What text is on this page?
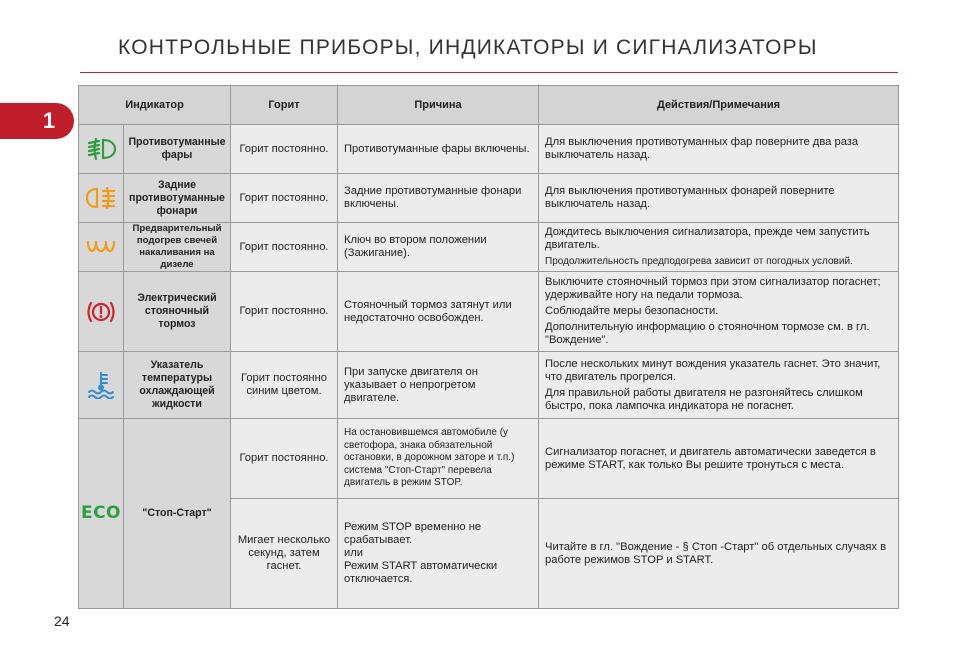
КОНТРОЛЬНЫЕ ПРИБОРЫ, ИНДИКАТОРЫ И СИГНАЛИЗАТОРЫ
1
Индикатор		Горит	Причина	Действия/Примечания

	Противотуманные фары	Горит постоянно.	Противотуманные фары включены.	Для выключения противотуманных фар поверните два раза выключатель назад.

	Задние противотуманные фонари	Горит постоянно.	Задние противотуманные фонари включены.	Для выключения противотуманных фонарей поверните выключатель назад.

	Предварительный подогрев свечей накаливания на дизеле	Горит постоянно.	Ключ во втором положении (Зажигание).	Дождитесь выключения сигнализатора, прежде чем запустить двигатель.

Продолжительность предподогрева зависит от погодных условий.

	Электрический стояночный тормоз	Горит постоянно.	Стояночный тормоз затянут или недостаточно освобожден.	Выключите стояночный тормоз при этом сигнализатор погаснет; удерживайте ногу на педали тормоза.

Соблюдайте меры безопасности.

Дополнительную информацию о стояночном тормозе см. в гл. "Вождение".

	Указатель температуры охлаждающей жидкости	Горит постоянно синим цветом.	При запуске двигателя он указывает о непрогретом двигателе.	После нескольких минут вождения указатель гаснет. Это значит, что двигатель прогрелся.

Для правильной работы двигателя не разгоняйтесь слишком быстро, пока лампочка индикатора не погаснет.

ECO	"Стоп-Старт"	Горит постоянно.	На остановившемся автомобиле (у светофора, знака обязательной остановки, в дорожном заторе и т.п.) система "Стоп-Старт" перевела двигатель в режим STOP.	Сигнализатор погаснет, и двигатель автоматически заведется в режиме START, как только Вы решите тронуться с места.

		Мигает несколько секунд, затем гаснет.	Режим STOP временно не срабатывает.

или

Режим START автоматически отключается.	Читайте в гл. "Вождение - § Стоп -Старт" об отдельных случаях в работе режимов STOP и START.

24
